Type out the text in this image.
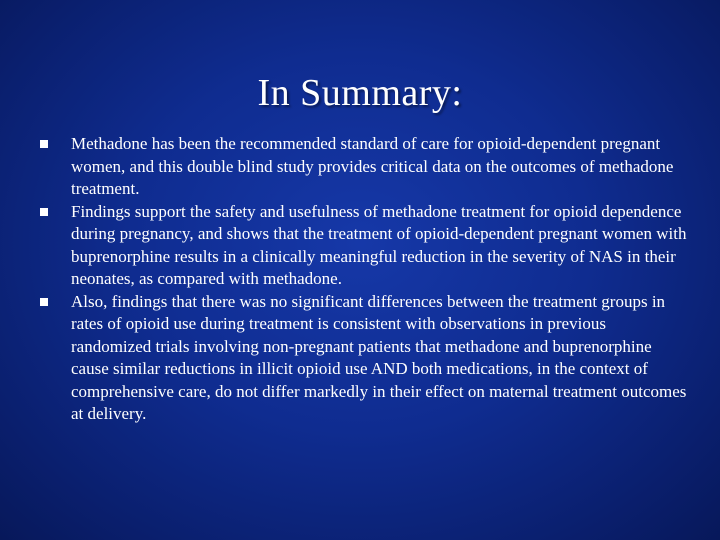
In Summary:
Methadone has been the recommended standard of care for opioid-dependent pregnant women, and this double blind study provides critical data on the outcomes of methadone treatment.
Findings support the safety and usefulness of methadone treatment for opioid dependence during pregnancy, and shows that the treatment of opioid-dependent pregnant women with buprenorphine results in a clinically meaningful reduction in the severity of NAS in their neonates, as compared with methadone.
Also, findings that there was no significant differences between the treatment groups in rates of opioid use during treatment is consistent with observations in previous randomized trials involving non-pregnant patients that methadone and buprenorphine cause similar reductions in illicit opioid use AND both medications, in the context of comprehensive care, do not differ markedly in their effect on maternal treatment outcomes at delivery.
